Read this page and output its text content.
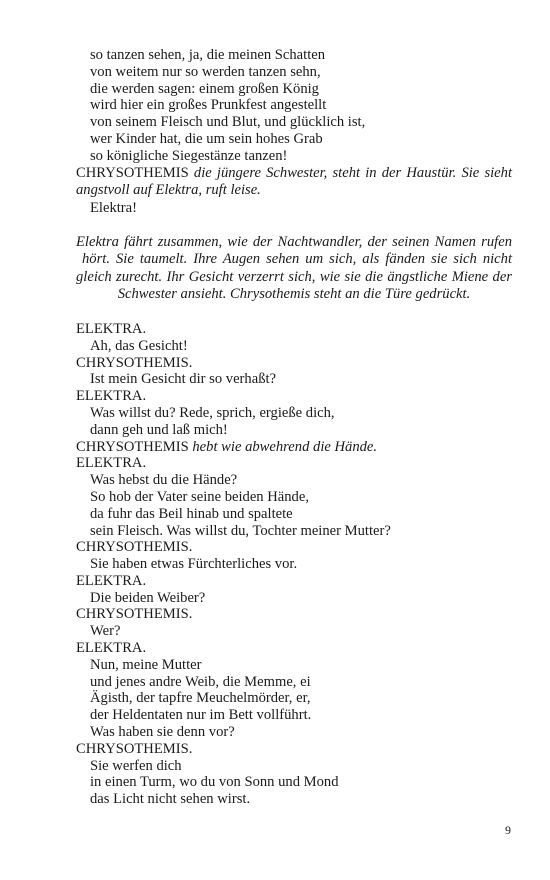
so tanzen sehen, ja, die meinen Schatten
von weitem nur so werden tanzen sehn,
die werden sagen: einem großen König
wird hier ein großes Prunkfest angestellt
von seinem Fleisch und Blut, und glücklich ist,
wer Kinder hat, die um sein hohes Grab
so königliche Siegestänze tanzen!
CHRYSOTHEMIS die jüngere Schwester, steht in der Haustür. Sie sieht
angstvoll auf Elektra, ruft leise.
Elektra!
Elektra fährt zusammen, wie der Nachtwandler, der seinen Namen rufen
hört. Sie taumelt. Ihre Augen sehen um sich, als fänden sie sich nicht
gleich zurecht. Ihr Gesicht verzerrt sich, wie sie die ängstliche Miene der
Schwester ansieht. Chrysothemis steht an die Türe gedrückt.
ELEKTRA.
Ah, das Gesicht!
CHRYSOTHEMIS.
Ist mein Gesicht dir so verhaßt?
ELEKTRA.
Was willst du? Rede, sprich, ergieße dich,
dann geh und laß mich!
CHRYSOTHEMIS hebt wie abwehrend die Hände.
ELEKTRA.
Was hebst du die Hände?
So hob der Vater seine beiden Hände,
da fuhr das Beil hinab und spaltete
sein Fleisch. Was willst du, Tochter meiner Mutter?
CHRYSOTHEMIS.
Sie haben etwas Fürchterliches vor.
ELEKTRA.
Die beiden Weiber?
CHRYSOTHEMIS.
Wer?
ELEKTRA.
Nun, meine Mutter
und jenes andre Weib, die Memme, ei
Ägisth, der tapfre Meuchelmörder, er,
der Heldentaten nur im Bett vollführt.
Was haben sie denn vor?
CHRYSOTHEMIS.
Sie werfen dich
in einen Turm, wo du von Sonn und Mond
das Licht nicht sehen wirst.
9
